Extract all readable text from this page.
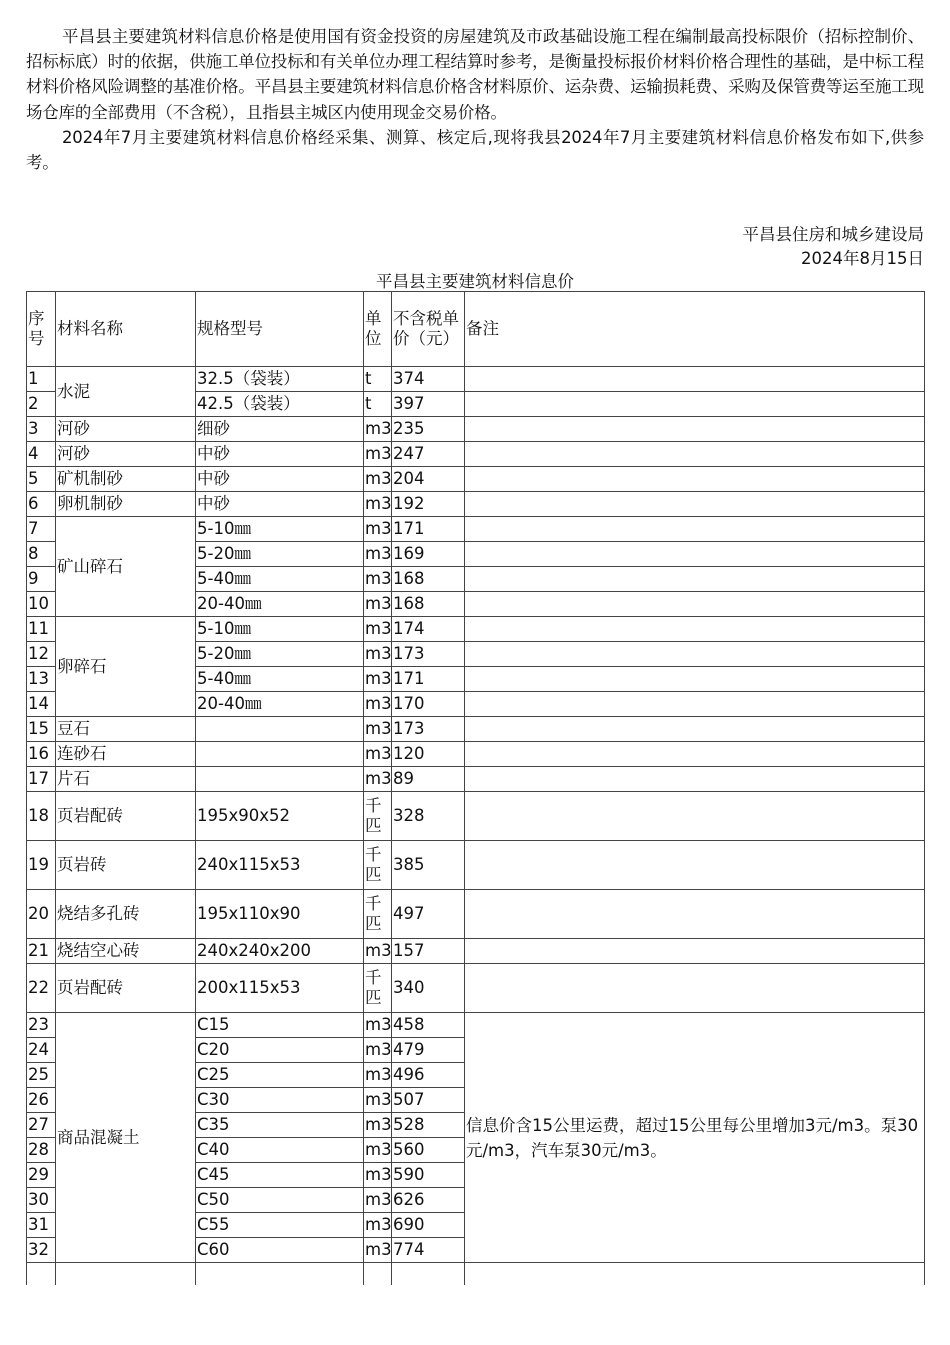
平昌县主要建筑材料信息价格是使用国有资金投资的房屋建筑及市政基础设施工程在编制最高投标限价（招标控制价、招标标底）时的依据，供施工单位投标和有关单位办理工程结算时参考，是衡量投标报价材料价格合理性的基础，是中标工程材料价格风险调整的基准价格。平昌县主要建筑材料信息价格含材料原价、运杂费、运输损耗费、采购及保管费等运至施工现场仓库的全部费用（不含税），且指县主城区内使用现金交易价格。

2024年7月主要建筑材料信息价格经采集、测算、核定后,现将我县2024年7月主要建筑材料信息价格发布如下,供参考。

平昌县住房和城乡建设局
2024年8月15日
平昌县主要建筑材料信息价
序号	材料名称	规格型号	单位	不含税单价（元）	备注
1	水泥	32.5（袋装）	t	374	
2		42.5（袋装）	t	397	
3	河砂	细砂	m3	235	
4	河砂	中砂	m3	247	
5	矿机制砂	中砂	m3	204	
6	卵机制砂	中砂	m3	192	
7	矿山碎石	5-10㎜	m3	171	
8		5-20㎜	m3	169	
9		5-40㎜	m3	168	
10		20-40㎜	m3	168	
11	卵碎石	5-10㎜	m3	174	
12		5-20㎜	m3	173	
13		5-40㎜	m3	171	
14		20-40㎜	m3	170	
15	豆石		m3	173	
16	连砂石		m3	120	
17	片石		m3	89	
18	页岩配砖	195x90x52	千匹	328	
19	页岩砖	240x115x53	千匹	385	
20	烧结多孔砖	195x110x90	千匹	497	
21	烧结空心砖	240x240x200	m3	157	
22	页岩配砖	200x115x53	千匹	340	
23	商品混凝土	C15	m3	458	信息价含15公里运费，超过15公里每公里增加3元/m3。泵30元/m3，汽车泵30元/m3。
24		C20	m3	479	
25		C25	m3	496	
26		C30	m3	507	
27		C35	m3	528	
28		C40	m3	560	
29		C45	m3	590	
30		C50	m3	626	
31		C55	m3	690	
32		C60	m3	774	
